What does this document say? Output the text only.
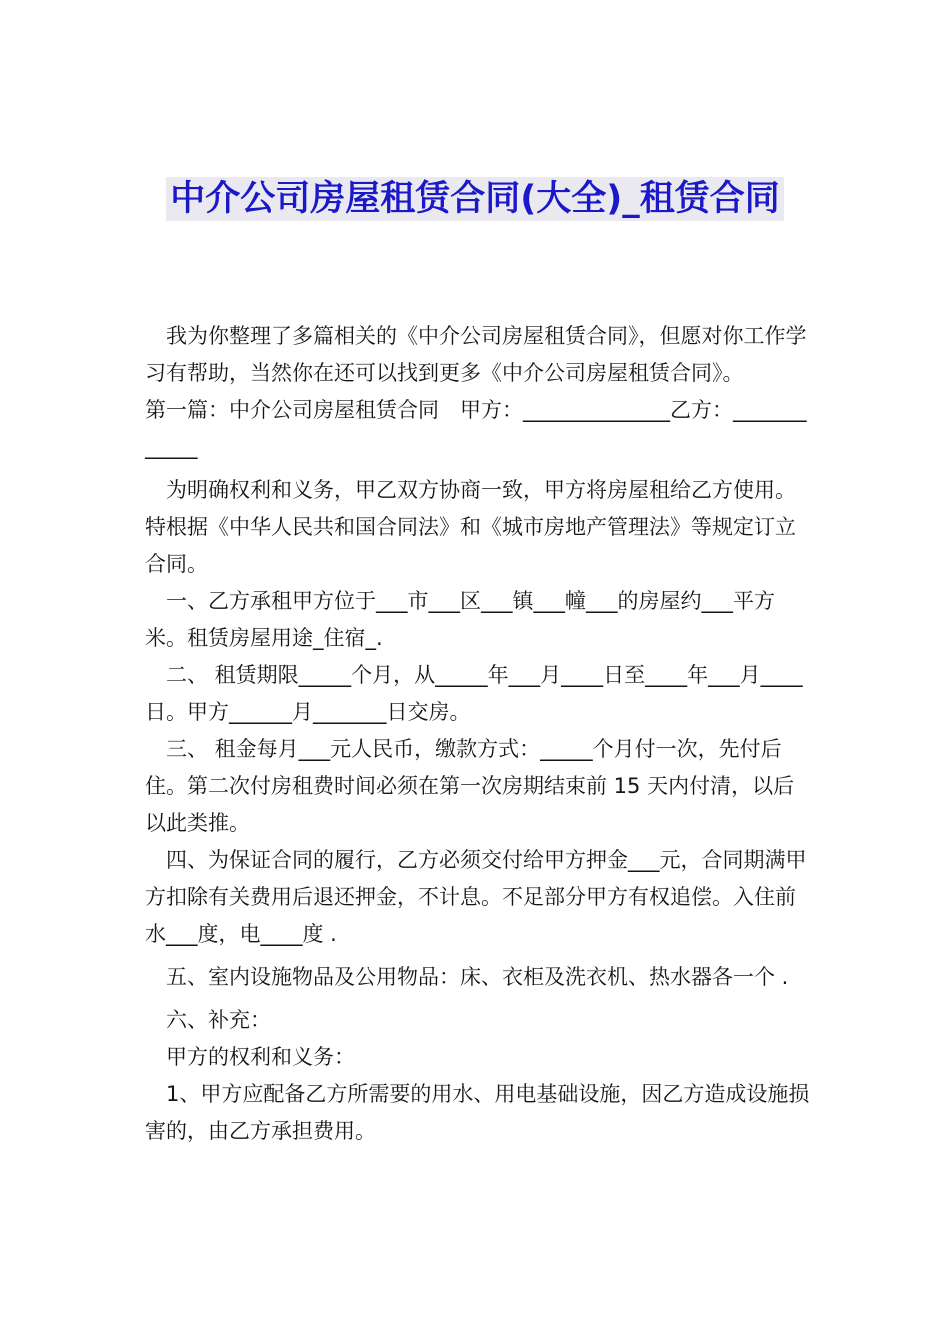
中介公司房屋租赁合同(大全)_租赁合同

　我为你整理了多篇相关的《中介公司房屋租赁合同》，但愿对你工作学习有帮助，当然你在还可以找到更多《中介公司房屋租赁合同》。

第一篇：中介公司房屋租赁合同　甲方：______________乙方：____________

　为明确权利和义务，甲乙双方协商一致，甲方将房屋租给乙方使用。特根据《中华人民共和国合同法》和《城市房地产管理法》等规定订立合同。

　一、乙方承租甲方位于___市___区___镇___幢___的房屋约___平方米。租赁房屋用途_住宿_.

　二、 租赁期限_____个月，从_____年___月____日至____年___月____日。甲方______月_______日交房。

　三、 租金每月___元人民币，缴款方式：_____个月付一次，先付后住。第二次付房租费时间必须在第一次房期结束前 15 天内付清，以后以此类推。

　四、为保证合同的履行，乙方必须交付给甲方押金___元，合同期满甲方扣除有关费用后退还押金，不计息。不足部分甲方有权追偿。入住前水___度，电____度 .

　五、室内设施物品及公用物品：床、衣柜及洗衣机、热水器各一个 .

　六、补充：

　甲方的权利和义务：

　1、甲方应配备乙方所需要的用水、用电基础设施，因乙方造成设施损害的，由乙方承担费用。
